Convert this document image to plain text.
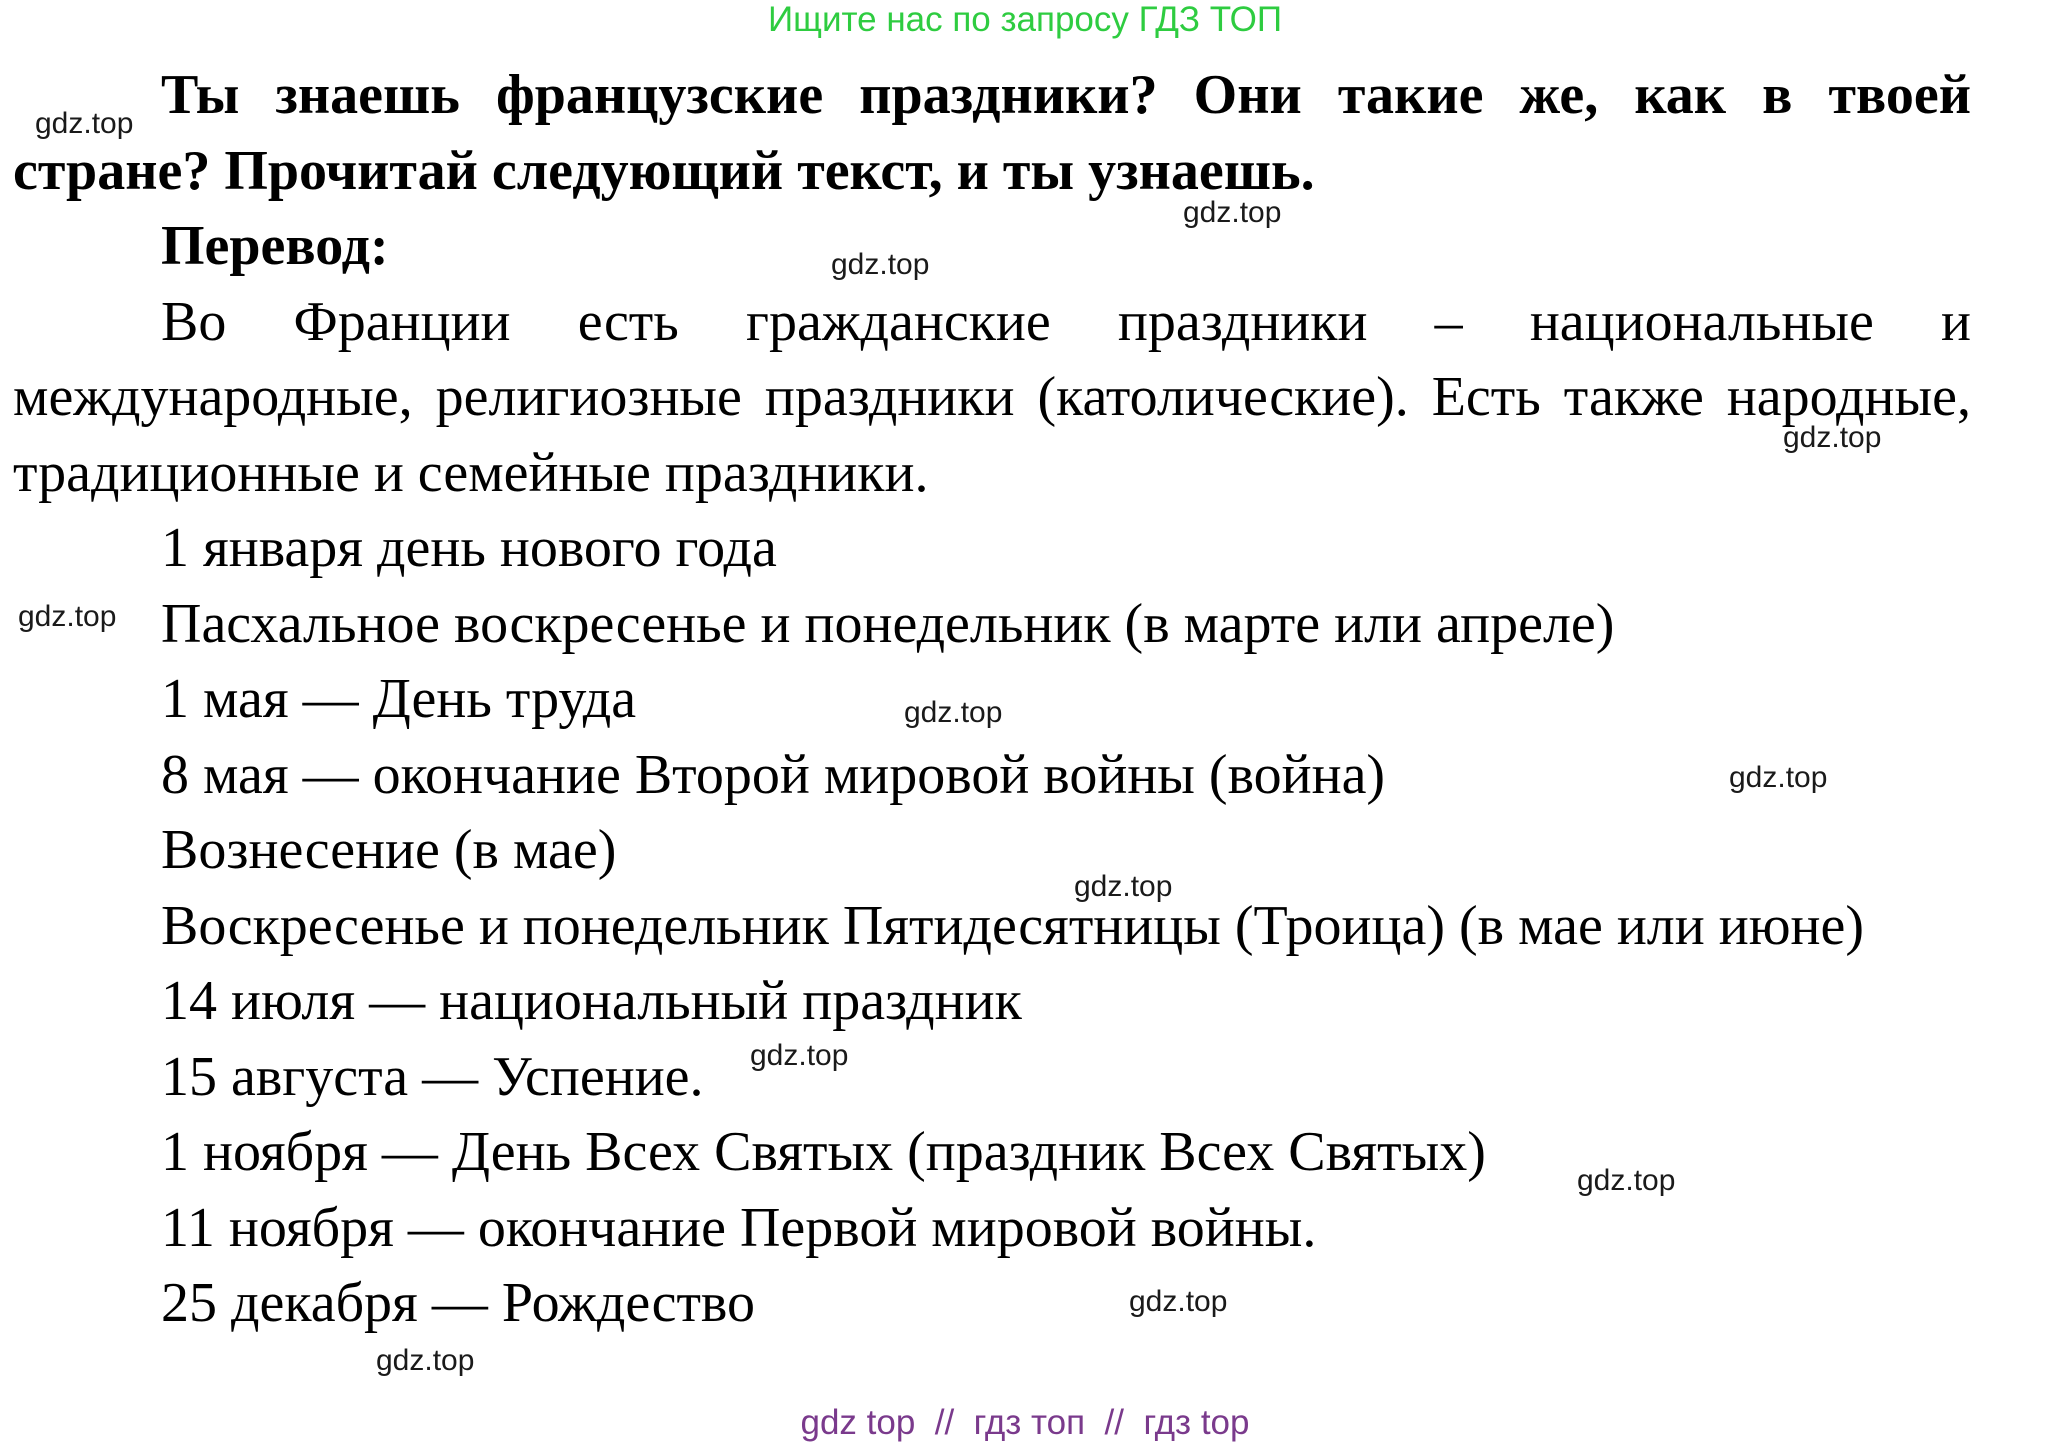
Ищите нас по запросу ГДЗ ТОП

Ты знаешь французские праздники? Они такие же, как в твоей стране? Прочитай следующий текст, и ты узнаешь.

Перевод:

Во Франции есть гражданские праздники – национальные и международные, религиозные праздники (католические). Есть также народные, традиционные и семейные праздники.

1 января день нового года
Пасхальное воскресенье и понедельник (в марте или апреле)
1 мая — День труда
8 мая — окончание Второй мировой войны (война)
Вознесение (в мае)
Воскресенье и понедельник Пятидесятницы (Троица) (в мае или июне)
14 июля — национальный праздник
15 августа — Успение.
1 ноября — День Всех Святых (праздник Всех Святых)
11 ноября — окончание Первой мировой войны.
25 декабря — Рождество
gdz.top
gdz.top
gdz.top
gdz.top
gdz.top
gdz.top
gdz.top
gdz.top
gdz.top
gdz.top
gdz.top
gdz.top
gdz top  //  гдз топ  //  гдз top
